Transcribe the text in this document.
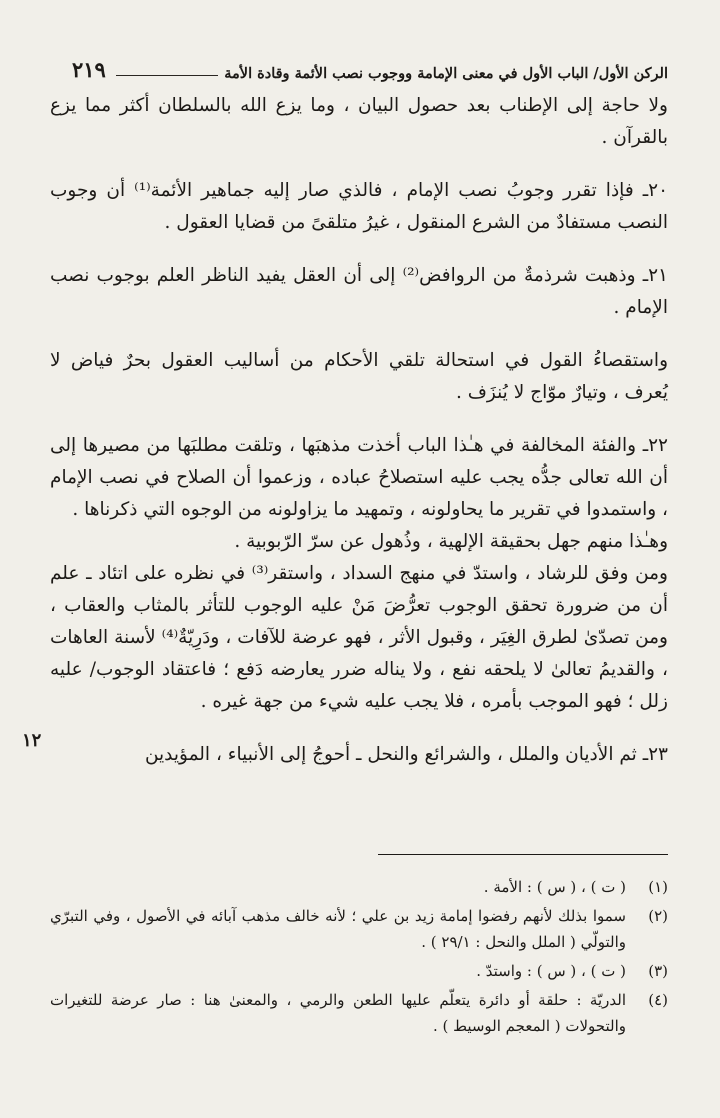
الركن الأول/ الباب الأول في معنى الإمامة ووجوب نصب الأئمة وقادة الأمة
٢١٩

ولا حاجة إلى الإطناب بعد حصول البيان ، وما يزع الله بالسلطان أكثر مما يزع بالقرآن .

٢٠ـ فإذا تقرر وجوبُ نصب الإمام ، فالذي صار إليه جماهير الأئمة⁽¹⁾ أن وجوب النصب مستفادٌ من الشرع المنقول ، غيرُ متلقىً من قضايا العقول .

٢١ـ وذهبت شرذمةٌ من الروافض⁽²⁾ إلى أن العقل يفيد الناظر العلم بوجوب نصب الإمام .

واستقصاءُ القول في استحالة تلقي الأحكام من أساليب العقول بحرٌ فياض لا يُعرف ، وتيارٌ موّاج لا يُنزَف .

٢٢ـ والفئة المخالفة في هـٰذا الباب أخذت مذهبَها ، وتلقت مطلبَها من مصيرها إلى أن الله تعالى جدُّه يجب عليه استصلاحُ عباده ، وزعموا أن الصلاح في نصب الإمام ، واستمدوا في تقرير ما يحاولونه ، وتمهيد ما يزاولونه من الوجوه التي ذكرناها .

وهـٰذا منهم جهل بحقيقة الإلهية ، وذُهول عن سرّ الرّبوبية .

ومن وفق للرشاد ، واستدّ في منهج السداد ، واستقر⁽³⁾ في نظره على اتئاد ـ علم أن من ضرورة تحقق الوجوب تعرُّضَ مَنْ عليه الوجوب للتأثر بالمثاب والعقاب ، ومن تصدّىٰ لطرق الغِيَر ، وقبول الأثر ، فهو عرضة للآفات ، ودَرِيّةٌ⁽⁴⁾ لأسنة العاهات ، والقديمُ تعالىٰ لا يلحقه نفع ، ولا يناله ضرر يعارضه دَفع ؛ فاعتقاد الوجوب/ عليه زلل ؛ فهو الموجب بأمره ، فلا يجب عليه شيء من جهة غيره .

٢٣ـ ثم الأديان والملل ، والشرائع والنحل ـ أحوجُ إلى الأنبياء ، المؤيدين

١٢
(١)
( ت ) ، ( س ) : الأمة .
(٢)
سموا بذلك لأنهم رفضوا إمامة زيد بن علي ؛ لأنه خالف مذهب آبائه في الأصول ، وفي التبرّي والتولّي ( الملل والنحل : ٢٩/١ ) .
(٣)
( ت ) ، ( س ) : واستدّ .
(٤)
الدريّة : حلقة أو دائرة يتعلّم عليها الطعن والرمي ، والمعنىٰ هنا : صار عرضة للتغيرات والتحولات ( المعجم الوسيط ) .
